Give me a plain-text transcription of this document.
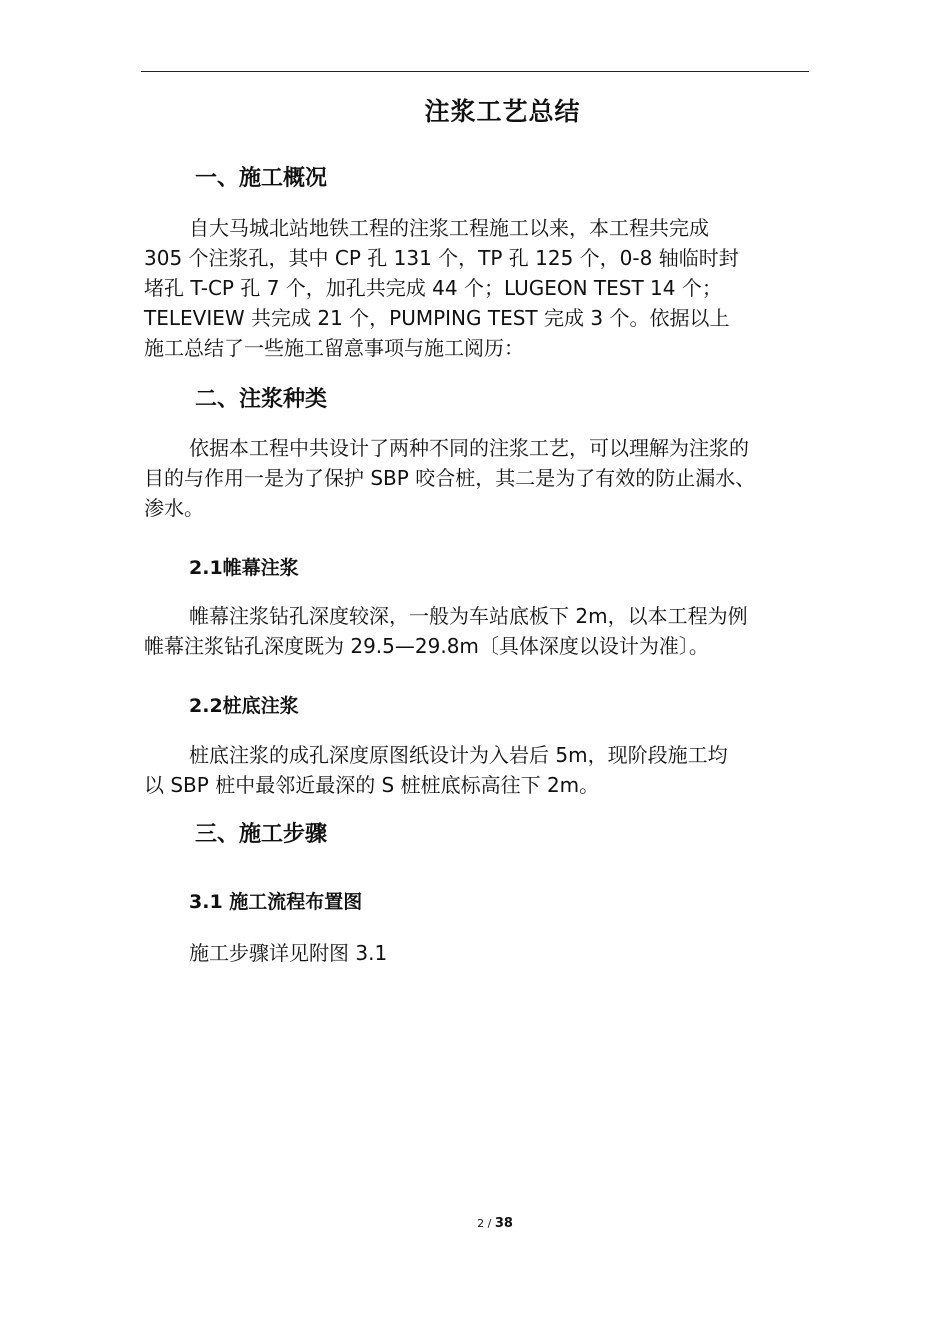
注浆工艺总结
一、施工概况
自大马城北站地铁工程的注浆工程施工以来，本工程共完成
305 个注浆孔，其中 CP 孔 131 个，TP 孔 125 个，0-8 轴临时封
堵孔 T-CP 孔 7 个，加孔共完成 44 个；LUGEON TEST 14 个；
TELEVIEW 共完成 21 个，PUMPING TEST 完成 3 个。依据以上
施工总结了一些施工留意事项与施工阅历：
二、注浆种类
依据本工程中共设计了两种不同的注浆工艺，可以理解为注浆的
目的与作用一是为了保护 SBP 咬合桩，其二是为了有效的防止漏水、
渗水。
2.1帷幕注浆
帷幕注浆钻孔深度较深，一般为车站底板下 2m，以本工程为例
帷幕注浆钻孔深度既为 29.5—29.8m〔具体深度以设计为准〕。
2.2桩底注浆
桩底注浆的成孔深度原图纸设计为入岩后 5m，现阶段施工均
以 SBP 桩中最邻近最深的 S 桩桩底标高往下 2m。
三、施工步骤
3.1 施工流程布置图
施工步骤详见附图 3.1
2 / 38
